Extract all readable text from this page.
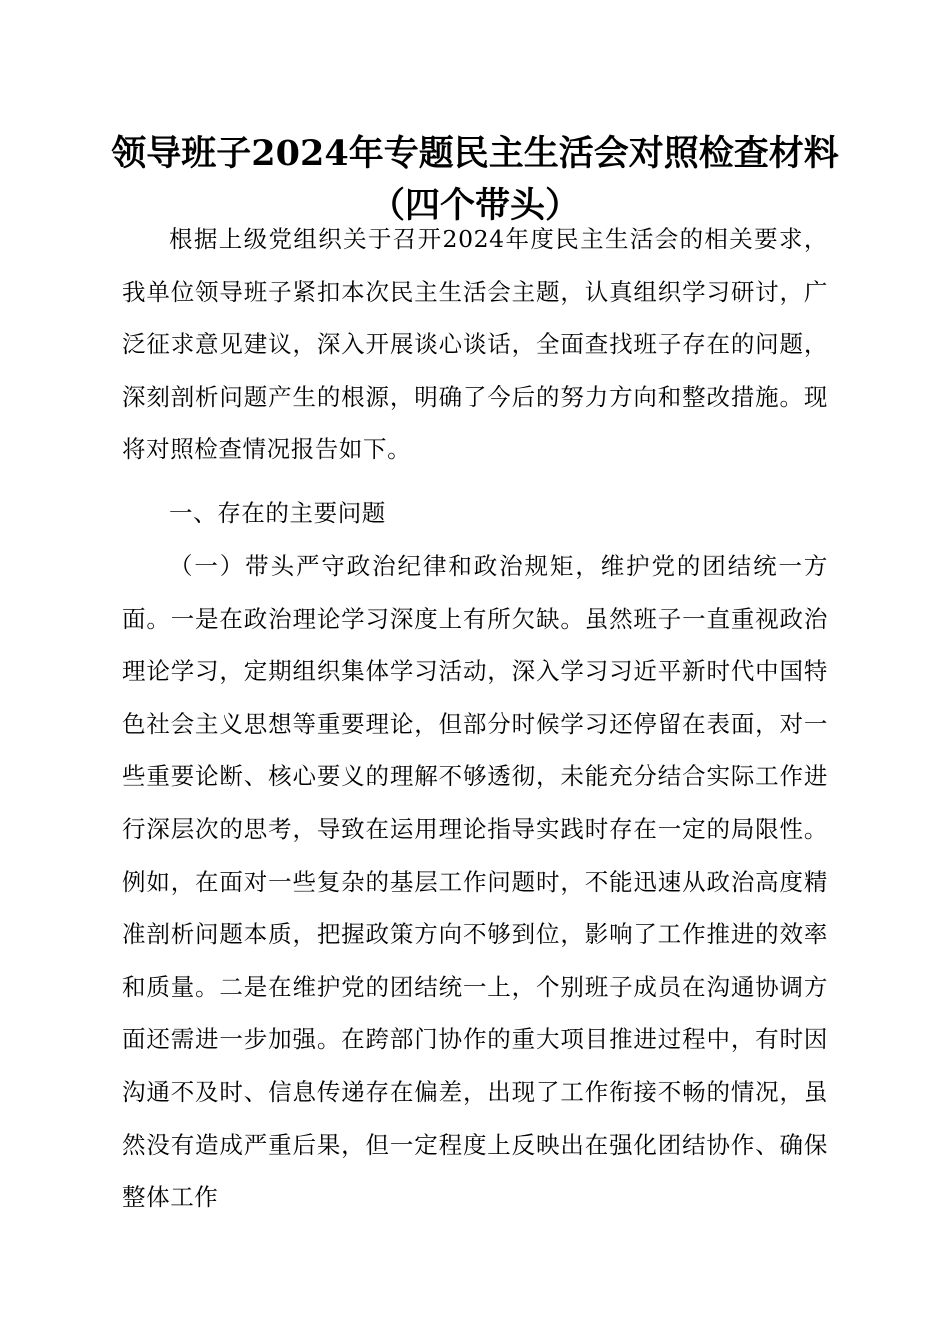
领导班子2024年专题民主生活会对照检查材料（四个带头）

根据上级党组织关于召开2024年度民主生活会的相关要求，我单位领导班子紧扣本次民主生活会主题，认真组织学习研讨，广泛征求意见建议，深入开展谈心谈话，全面查找班子存在的问题，深刻剖析问题产生的根源，明确了今后的努力方向和整改措施。现将对照检查情况报告如下。

一、存在的主要问题

（一）带头严守政治纪律和政治规矩，维护党的团结统一方面。一是在政治理论学习深度上有所欠缺。虽然班子一直重视政治理论学习，定期组织集体学习活动，深入学习习近平新时代中国特色社会主义思想等重要理论，但部分时候学习还停留在表面，对一些重要论断、核心要义的理解不够透彻，未能充分结合实际工作进行深层次的思考，导致在运用理论指导实践时存在一定的局限性。例如，在面对一些复杂的基层工作问题时，不能迅速从政治高度精准剖析问题本质，把握政策方向不够到位，影响了工作推进的效率和质量。二是在维护党的团结统一上，个别班子成员在沟通协调方面还需进一步加强。在跨部门协作的重大项目推进过程中，有时因沟通不及时、信息传递存在偏差，出现了工作衔接不畅的情况，虽然没有造成严重后果，但一定程度上反映出在强化团结协作、确保整体工作
